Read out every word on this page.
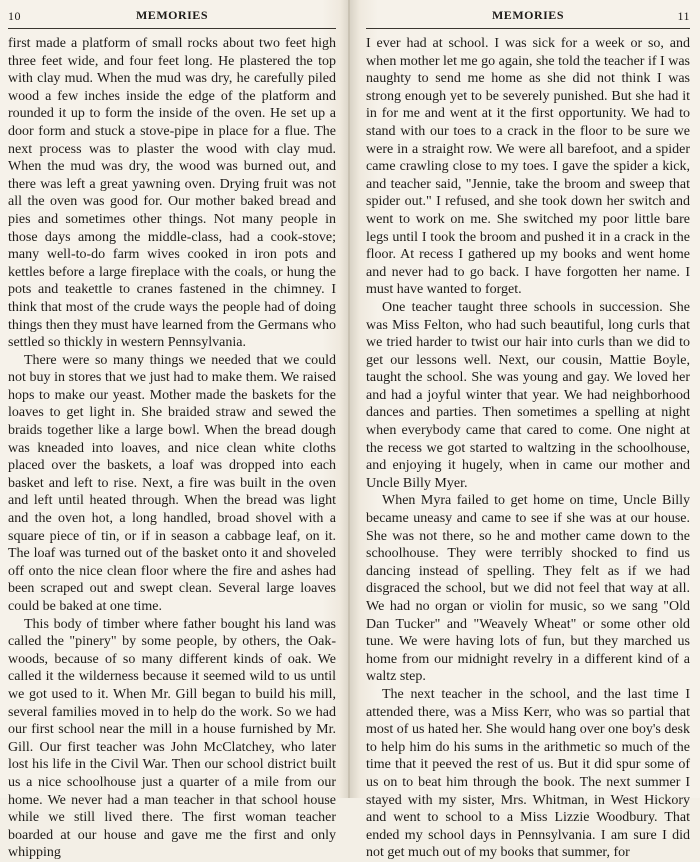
10	MEMORIES

first made a platform of small rocks about two feet high three feet wide, and four feet long. He plastered the top with clay mud. When the mud was dry, he carefully piled wood a few inches inside the edge of the platform and rounded it up to form the inside of the oven. He set up a door form and stuck a stove-pipe in place for a flue. The next process was to plaster the wood with clay mud. When the mud was dry, the wood was burned out, and there was left a great yawning oven. Drying fruit was not all the oven was good for. Our mother baked bread and pies and sometimes other things. Not many people in those days among the middle-class, had a cook-stove; many well-to-do farm wives cooked in iron pots and kettles before a large fireplace with the coals, or hung the pots and teakettle to cranes fastened in the chimney. I think that most of the crude ways the people had of doing things then they must have learned from the Germans who settled so thickly in western Pennsylvania.

There were so many things we needed that we could not buy in stores that we just had to make them. We raised hops to make our yeast. Mother made the baskets for the loaves to get light in. She braided straw and sewed the braids together like a large bowl. When the bread dough was kneaded into loaves, and nice clean white cloths placed over the baskets, a loaf was dropped into each basket and left to rise. Next, a fire was built in the oven and left until heated through. When the bread was light and the oven hot, a long handled, broad shovel with a square piece of tin, or if in season a cabbage leaf, on it. The loaf was turned out of the basket onto it and shoveled off onto the nice clean floor where the fire and ashes had been scraped out and swept clean. Several large loaves could be baked at one time.

This body of timber where father bought his land was called the "pinery" by some people, by others, the Oak-woods, because of so many different kinds of oak. We called it the wilderness because it seemed wild to us until we got used to it. When Mr. Gill began to build his mill, several families moved in to help do the work. So we had our first school near the mill in a house furnished by Mr. Gill. Our first teacher was John McClatchey, who later lost his life in the Civil War. Then our school district built us a nice schoolhouse just a quarter of a mile from our home. We never had a man teacher in that school house while we still lived there. The first woman teacher boarded at our house and gave me the first and only whipping

MEMORIES	11

I ever had at school. I was sick for a week or so, and when mother let me go again, she told the teacher if I was naughty to send me home as she did not think I was strong enough yet to be severely punished. But she had it in for me and went at it the first opportunity. We had to stand with our toes to a crack in the floor to be sure we were in a straight row. We were all barefoot, and a spider came crawling close to my toes. I gave the spider a kick, and teacher said, "Jennie, take the broom and sweep that spider out." I refused, and she took down her switch and went to work on me. She switched my poor little bare legs until I took the broom and pushed it in a crack in the floor. At recess I gathered up my books and went home and never had to go back. I have forgotten her name. I must have wanted to forget.

One teacher taught three schools in succession. She was Miss Felton, who had such beautiful, long curls that we tried harder to twist our hair into curls than we did to get our lessons well. Next, our cousin, Mattie Boyle, taught the school. She was young and gay. We loved her and had a joyful winter that year. We had neighborhood dances and parties. Then sometimes a spelling at night when everybody came that cared to come. One night at the recess we got started to waltzing in the schoolhouse, and enjoying it hugely, when in came our mother and Uncle Billy Myer.

When Myra failed to get home on time, Uncle Billy became uneasy and came to see if she was at our house. She was not there, so he and mother came down to the schoolhouse. They were terribly shocked to find us dancing instead of spelling. They felt as if we had disgraced the school, but we did not feel that way at all. We had no organ or violin for music, so we sang "Old Dan Tucker" and "Weavely Wheat" or some other old tune. We were having lots of fun, but they marched us home from our midnight revelry in a different kind of a waltz step.

The next teacher in the school, and the last time I attended there, was a Miss Kerr, who was so partial that most of us hated her. She would hang over one boy's desk to help him do his sums in the arithmetic so much of the time that it peeved the rest of us. But it did spur some of us on to beat him through the book. The next summer I stayed with my sister, Mrs. Whitman, in West Hickory and went to school to a Miss Lizzie Woodbury. That ended my school days in Pennsylvania. I am sure I did not get much out of my books that summer, for
